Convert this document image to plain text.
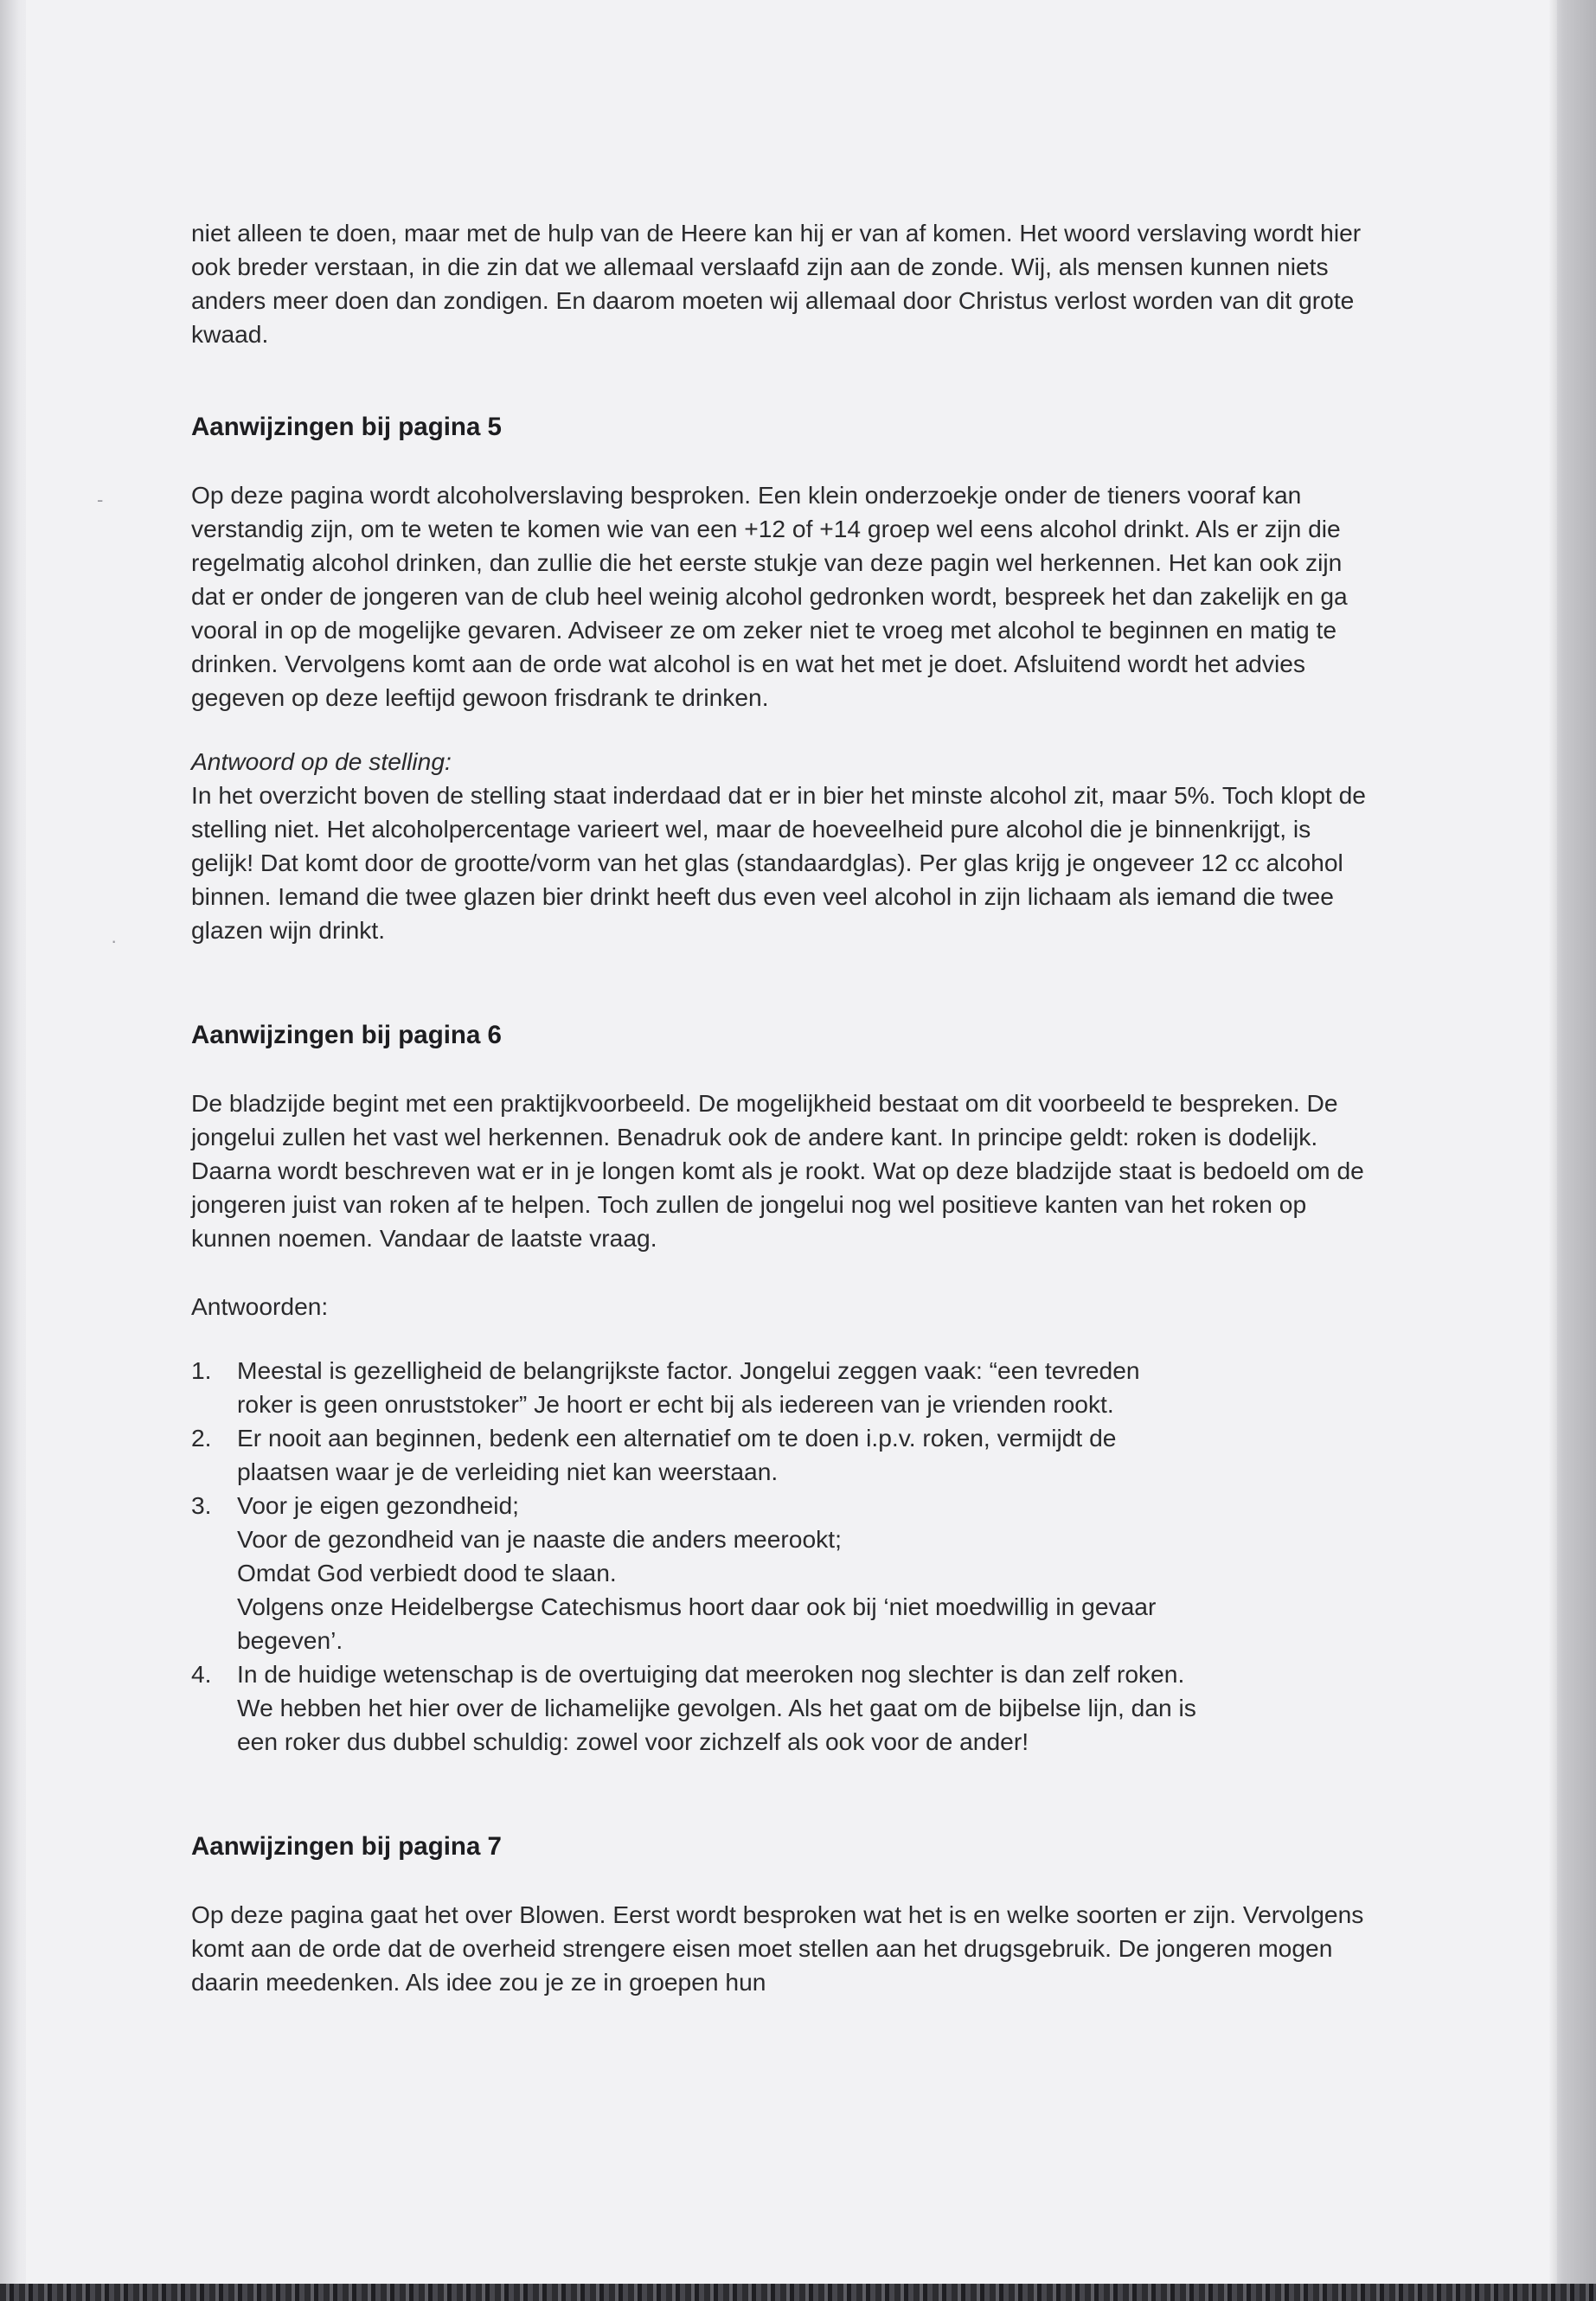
-
·

niet alleen te doen, maar met de hulp van de Heere kan hij er van af komen. Het woord verslaving wordt hier ook breder verstaan, in die zin dat we allemaal verslaafd zijn aan de zonde. Wij, als mensen kunnen niets anders meer doen dan zondigen. En daarom moeten wij allemaal door Christus verlost worden van dit grote kwaad.

Aanwijzingen bij pagina 5

Op deze pagina wordt alcoholverslaving besproken. Een klein onderzoekje onder de tieners vooraf kan verstandig zijn, om te weten te komen wie van een +12 of +14 groep wel eens alcohol drinkt. Als er zijn die regelmatig alcohol drinken, dan zullie die het eerste stukje van deze pagin wel herkennen. Het kan ook zijn dat er onder de jongeren van de club heel weinig alcohol gedronken wordt, bespreek het dan zakelijk en ga vooral in op de mogelijke gevaren. Adviseer ze om zeker niet te vroeg met alcohol te beginnen en matig te drinken. Vervolgens komt aan de orde wat alcohol is en wat het met je doet. Afsluitend wordt het advies gegeven op deze leeftijd gewoon frisdrank te drinken.

Antwoord op de stelling:

In het overzicht boven de stelling staat inderdaad dat er in bier het minste alcohol zit, maar 5%. Toch klopt de stelling niet. Het alcoholpercentage varieert wel, maar de hoeveelheid pure alcohol die je binnenkrijgt, is gelijk! Dat komt door de grootte/vorm van het glas (standaardglas). Per glas krijg je ongeveer 12 cc alcohol binnen. Iemand die twee glazen bier drinkt heeft dus even veel alcohol in zijn lichaam als iemand die twee glazen wijn drinkt.

Aanwijzingen bij pagina 6

De bladzijde begint met een praktijkvoorbeeld. De mogelijkheid bestaat om dit voorbeeld te bespreken. De jongelui zullen het vast wel herkennen. Benadruk ook de andere kant. In principe geldt: roken is dodelijk. Daarna wordt beschreven wat er in je longen komt als je rookt. Wat op deze bladzijde staat is bedoeld om de jongeren juist van roken af te helpen. Toch zullen de jongelui nog wel positieve kanten van het roken op kunnen noemen. Vandaar de laatste vraag.

Antwoorden:

1. Meestal is gezelligheid de belangrijkste factor. Jongelui zeggen vaak: “een tevreden
roker is geen onruststoker” Je hoort er echt bij als iedereen van je vrienden rookt.
2. Er nooit aan beginnen, bedenk een alternatief om te doen i.p.v. roken, vermijdt de
plaatsen waar je de verleiding niet kan weerstaan.
3. Voor je eigen gezondheid;
Voor de gezondheid van je naaste die anders meerookt;
Omdat God verbiedt dood te slaan.
Volgens onze Heidelbergse Catechismus hoort daar ook bij ‘niet moedwillig in gevaar
begeven’.
4. In de huidige wetenschap is de overtuiging dat meeroken nog slechter is dan zelf roken.
We hebben het hier over de lichamelijke gevolgen. Als het gaat om de bijbelse lijn, dan is
een roker dus dubbel schuldig: zowel voor zichzelf als ook voor de ander!
Aanwijzingen bij pagina 7

Op deze pagina gaat het over Blowen. Eerst wordt besproken wat het is en welke soorten er zijn. Vervolgens komt aan de orde dat de overheid strengere eisen moet stellen aan het drugsgebruik. De jongeren mogen daarin meedenken. Als idee zou je ze in groepen hun
